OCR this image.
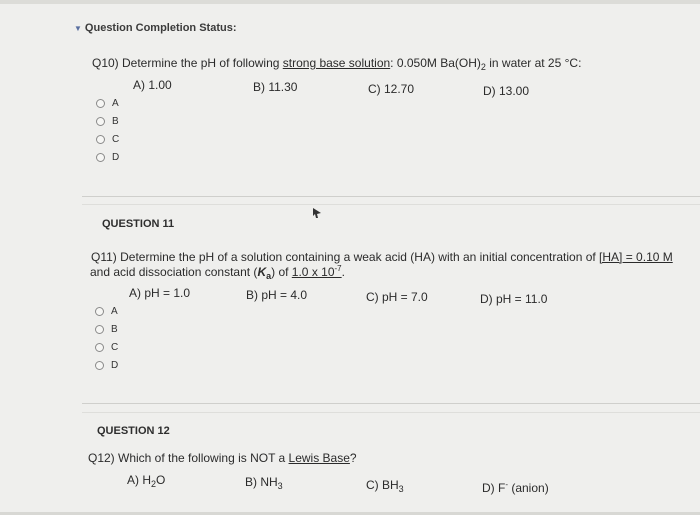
▼ Question Completion Status:
Q10) Determine the pH of following strong base solution: 0.050M $Ba(OH)_2$ in water at 25 °C:
A) 1.00	B) 11.30	C) 12.70	D) 13.00
A
B
C
D
QUESTION 11
Q11) Determine the pH of a solution containing a weak acid (HA) with an initial concentration of [HA] = 0.10 M
and acid dissociation constant $(K_a)$ of 1.0 x $10^{-7}$.
A) pH = 1.0	B) pH = 4.0	C) pH = 7.0	D) pH = 11.0
A
B
C
D
QUESTION 12
Q12) Which of the following is NOT a Lewis Base?
A) $H_2O$	B) $NH_3$	C) $BH_3$	D) F- (anion)
